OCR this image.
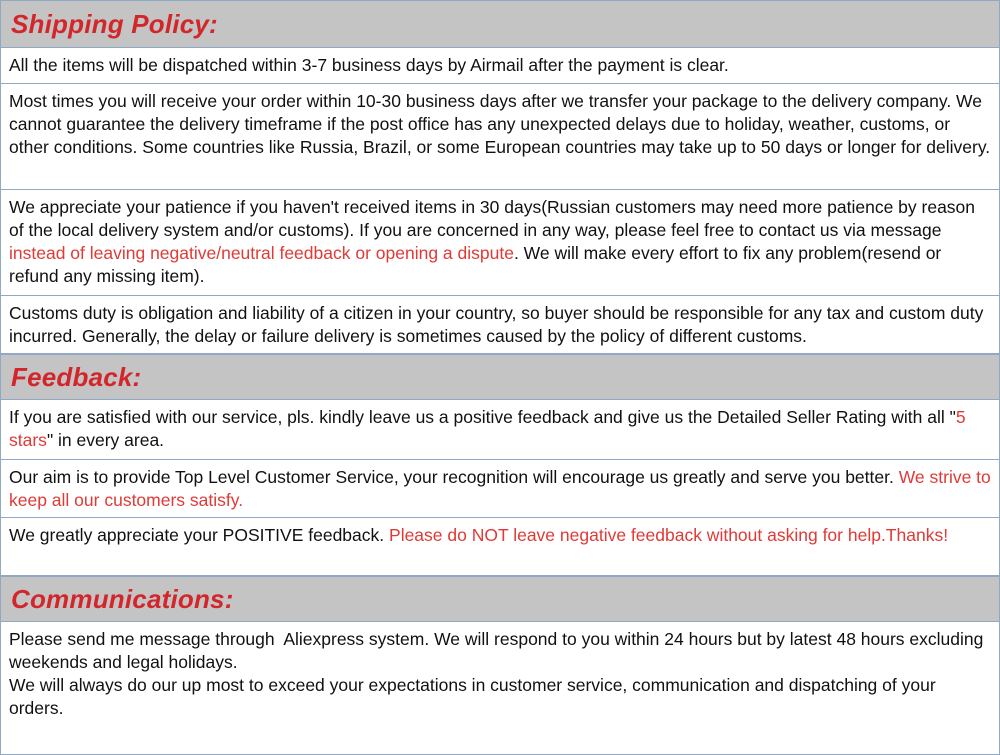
Shipping Policy:
All the items will be dispatched within 3-7 business days by Airmail after the payment is clear.
Most times you will receive your order within 10-30 business days after we transfer your package to the delivery company. We cannot guarantee the delivery timeframe if the post office has any unexpected delays due to holiday, weather, customs, or other conditions. Some countries like Russia, Brazil, or some European countries may take up to 50 days or longer for delivery.
We appreciate your patience if you haven't received items in 30 days(Russian customers may need more patience by reason of the local delivery system and/or customs). If you are concerned in any way, please feel free to contact us via message instead of leaving negative/neutral feedback or opening a dispute. We will make every effort to fix any problem(resend or refund any missing item).
Customs duty is obligation and liability of a citizen in your country, so buyer should be responsible for any tax and custom duty incurred. Generally, the delay or failure delivery is sometimes caused by the policy of different customs.
Feedback:
If you are satisfied with our service, pls. kindly leave us a positive feedback and give us the Detailed Seller Rating with all "5 stars" in every area.
Our aim is to provide Top Level Customer Service, your recognition will encourage us greatly and serve you better. We strive to keep all our customers satisfy.
We greatly appreciate your POSITIVE feedback. Please do NOT leave negative feedback without asking for help.Thanks!
Communications:
Please send me message through  Aliexpress system. We will respond to you within 24 hours but by latest 48 hours excluding weekends and legal holidays.
We will always do our up most to exceed your expectations in customer service, communication and dispatching of your orders.
